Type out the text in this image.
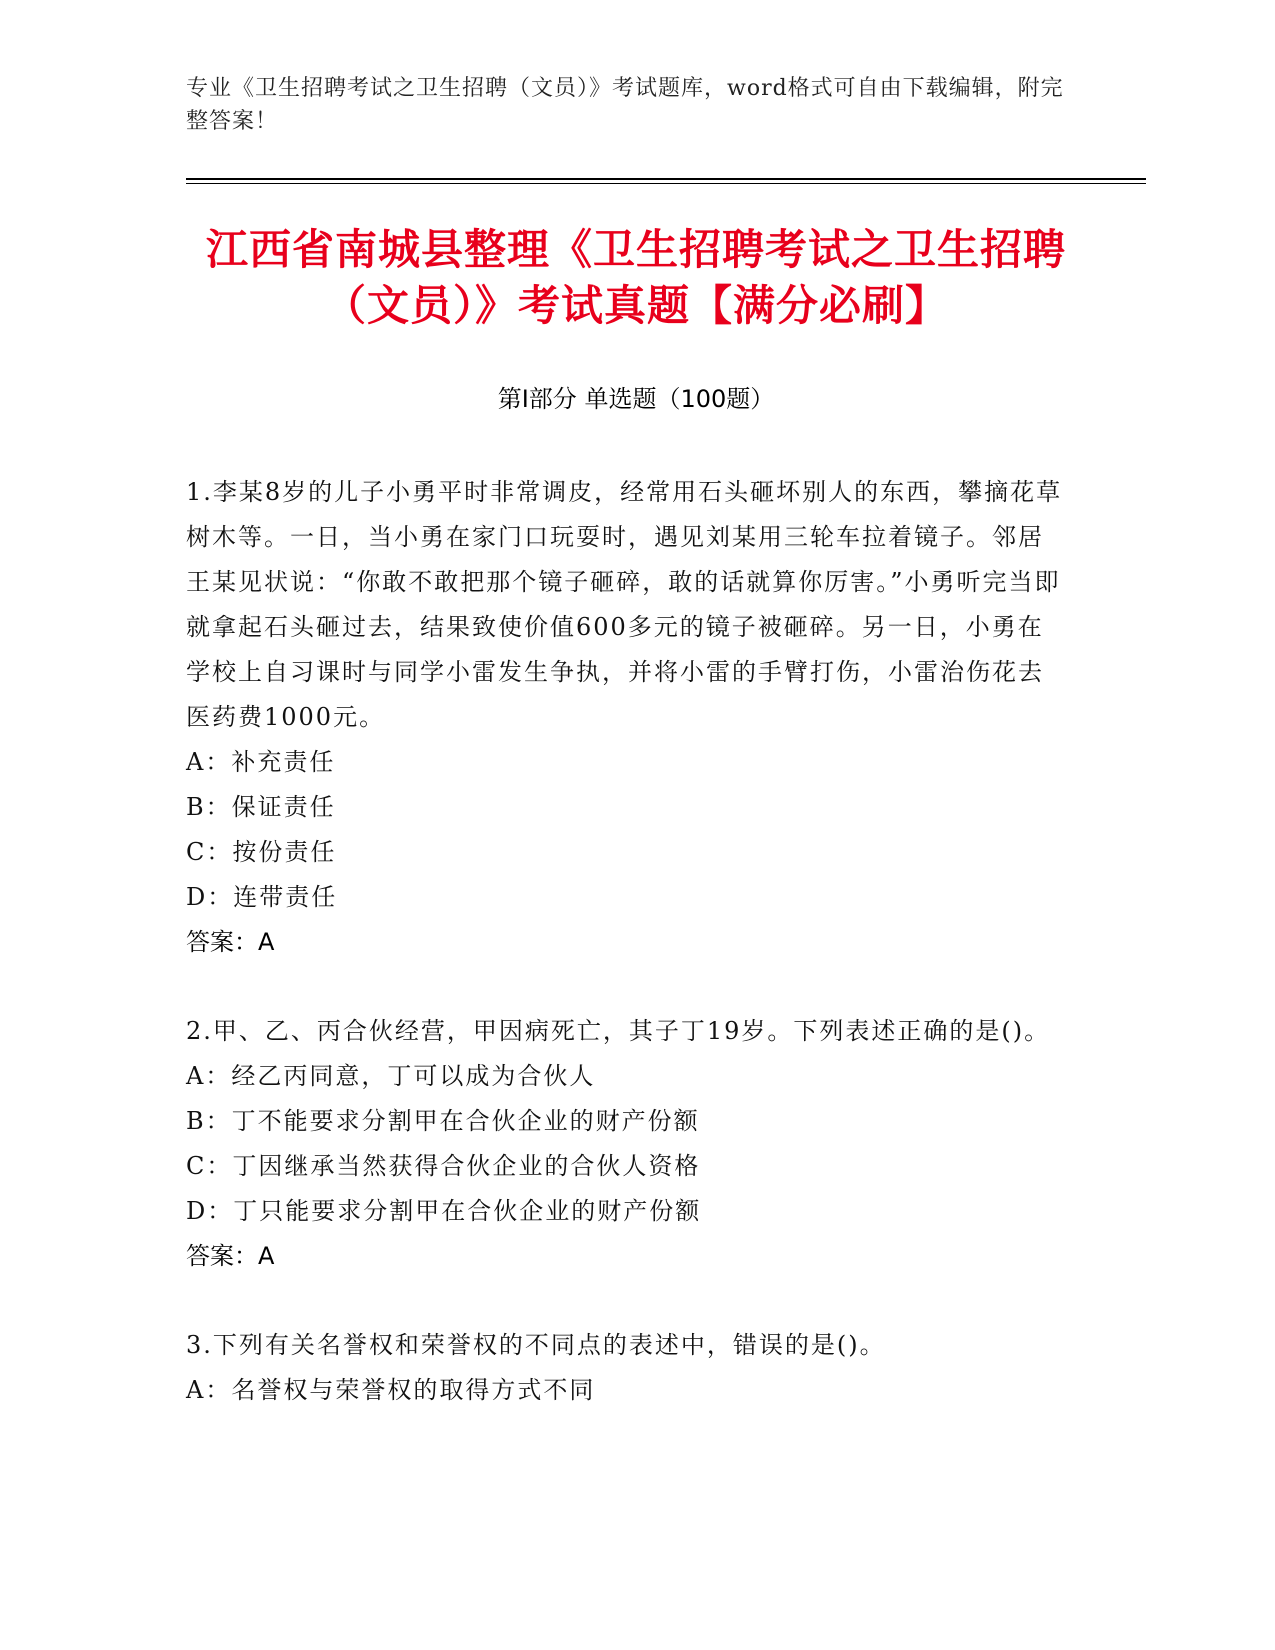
专业《卫生招聘考试之卫生招聘（文员）》考试题库，word格式可自由下载编辑，附完整答案！
江西省南城县整理《卫生招聘考试之卫生招聘（文员）》考试真题【满分必刷】
第Ⅰ部分 单选题（100题）

1.李某8岁的儿子小勇平时非常调皮，经常用石头砸坏别人的东西，攀摘花草树木等。一日，当小勇在家门口玩耍时，遇见刘某用三轮车拉着镜子。邻居王某见状说：“你敢不敢把那个镜子砸碎，敢的话就算你厉害。”小勇听完当即就拿起石头砸过去，结果致使价值600多元的镜子被砸碎。另一日，小勇在学校上自习课时与同学小雷发生争执，并将小雷的手臂打伤，小雷治伤花去医药费1000元。

A：补充责任

B：保证责任

C：按份责任

D：连带责任

答案：A

2.甲、乙、丙合伙经营，甲因病死亡，其子丁19岁。下列表述正确的是()。

A：经乙丙同意，丁可以成为合伙人

B：丁不能要求分割甲在合伙企业的财产份额

C：丁因继承当然获得合伙企业的合伙人资格

D：丁只能要求分割甲在合伙企业的财产份额

答案：A

3.下列有关名誉权和荣誉权的不同点的表述中，错误的是()。

A：名誉权与荣誉权的取得方式不同
